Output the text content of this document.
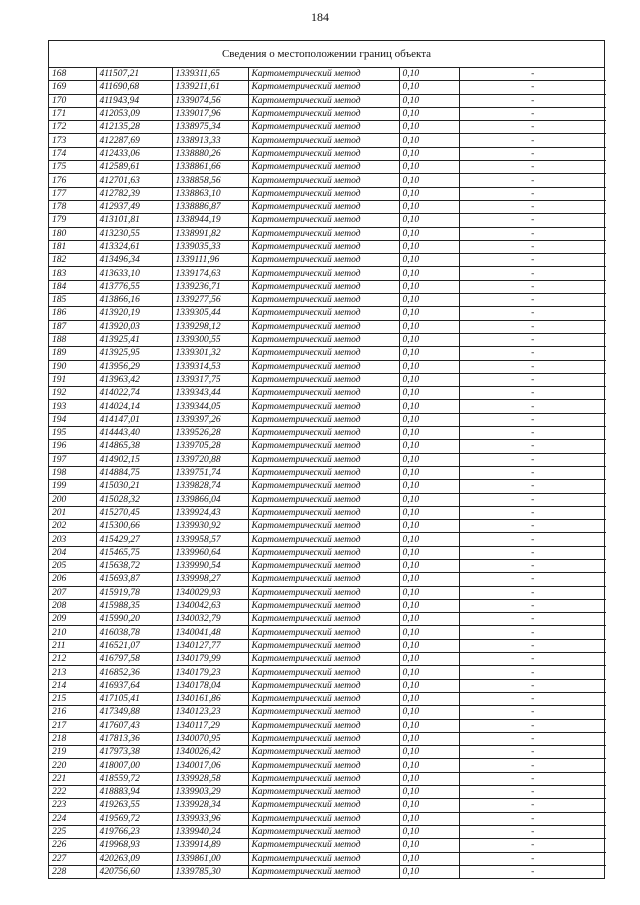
184
Сведения о местоположении границ объекта
168	411507,21	1339311,65	Картометрический метод	0,10	-
169	411690,68	1339211,61	Картометрический метод	0,10	-
170	411943,94	1339074,56	Картометрический метод	0,10	-
171	412053,09	1339017,96	Картометрический метод	0,10	-
172	412135,28	1338975,34	Картометрический метод	0,10	-
173	412287,69	1338913,33	Картометрический метод	0,10	-
174	412433,06	1338880,26	Картометрический метод	0,10	-
175	412589,61	1338861,66	Картометрический метод	0,10	-
176	412701,63	1338858,56	Картометрический метод	0,10	-
177	412782,39	1338863,10	Картометрический метод	0,10	-
178	412937,49	1338886,87	Картометрический метод	0,10	-
179	413101,81	1338944,19	Картометрический метод	0,10	-
180	413230,55	1338991,82	Картометрический метод	0,10	-
181	413324,61	1339035,33	Картометрический метод	0,10	-
182	413496,34	1339111,96	Картометрический метод	0,10	-
183	413633,10	1339174,63	Картометрический метод	0,10	-
184	413776,55	1339236,71	Картометрический метод	0,10	-
185	413866,16	1339277,56	Картометрический метод	0,10	-
186	413920,19	1339305,44	Картометрический метод	0,10	-
187	413920,03	1339298,12	Картометрический метод	0,10	-
188	413925,41	1339300,55	Картометрический метод	0,10	-
189	413925,95	1339301,32	Картометрический метод	0,10	-
190	413956,29	1339314,53	Картометрический метод	0,10	-
191	413963,42	1339317,75	Картометрический метод	0,10	-
192	414022,74	1339343,44	Картометрический метод	0,10	-
193	414024,14	1339344,05	Картометрический метод	0,10	-
194	414147,01	1339397,26	Картометрический метод	0,10	-
195	414443,40	1339526,28	Картометрический метод	0,10	-
196	414865,38	1339705,28	Картометрический метод	0,10	-
197	414902,15	1339720,88	Картометрический метод	0,10	-
198	414884,75	1339751,74	Картометрический метод	0,10	-
199	415030,21	1339828,74	Картометрический метод	0,10	-
200	415028,32	1339866,04	Картометрический метод	0,10	-
201	415270,45	1339924,43	Картометрический метод	0,10	-
202	415300,66	1339930,92	Картометрический метод	0,10	-
203	415429,27	1339958,57	Картометрический метод	0,10	-
204	415465,75	1339960,64	Картометрический метод	0,10	-
205	415638,72	1339990,54	Картометрический метод	0,10	-
206	415693,87	1339998,27	Картометрический метод	0,10	-
207	415919,78	1340029,93	Картометрический метод	0,10	-
208	415988,35	1340042,63	Картометрический метод	0,10	-
209	415990,20	1340032,79	Картометрический метод	0,10	-
210	416038,78	1340041,48	Картометрический метод	0,10	-
211	416521,07	1340127,77	Картометрический метод	0,10	-
212	416797,58	1340179,99	Картометрический метод	0,10	-
213	416852,36	1340179,23	Картометрический метод	0,10	-
214	416937,64	1340178,04	Картометрический метод	0,10	-
215	417105,41	1340161,86	Картометрический метод	0,10	-
216	417349,88	1340123,23	Картометрический метод	0,10	-
217	417607,43	1340117,29	Картометрический метод	0,10	-
218	417813,36	1340070,95	Картометрический метод	0,10	-
219	417973,38	1340026,42	Картометрический метод	0,10	-
220	418007,00	1340017,06	Картометрический метод	0,10	-
221	418559,72	1339928,58	Картометрический метод	0,10	-
222	418883,94	1339903,29	Картометрический метод	0,10	-
223	419263,55	1339928,34	Картометрический метод	0,10	-
224	419569,72	1339933,96	Картометрический метод	0,10	-
225	419766,23	1339940,24	Картометрический метод	0,10	-
226	419968,93	1339914,89	Картометрический метод	0,10	-
227	420263,09	1339861,00	Картометрический метод	0,10	-
228	420756,60	1339785,30	Картометрический метод	0,10	-
